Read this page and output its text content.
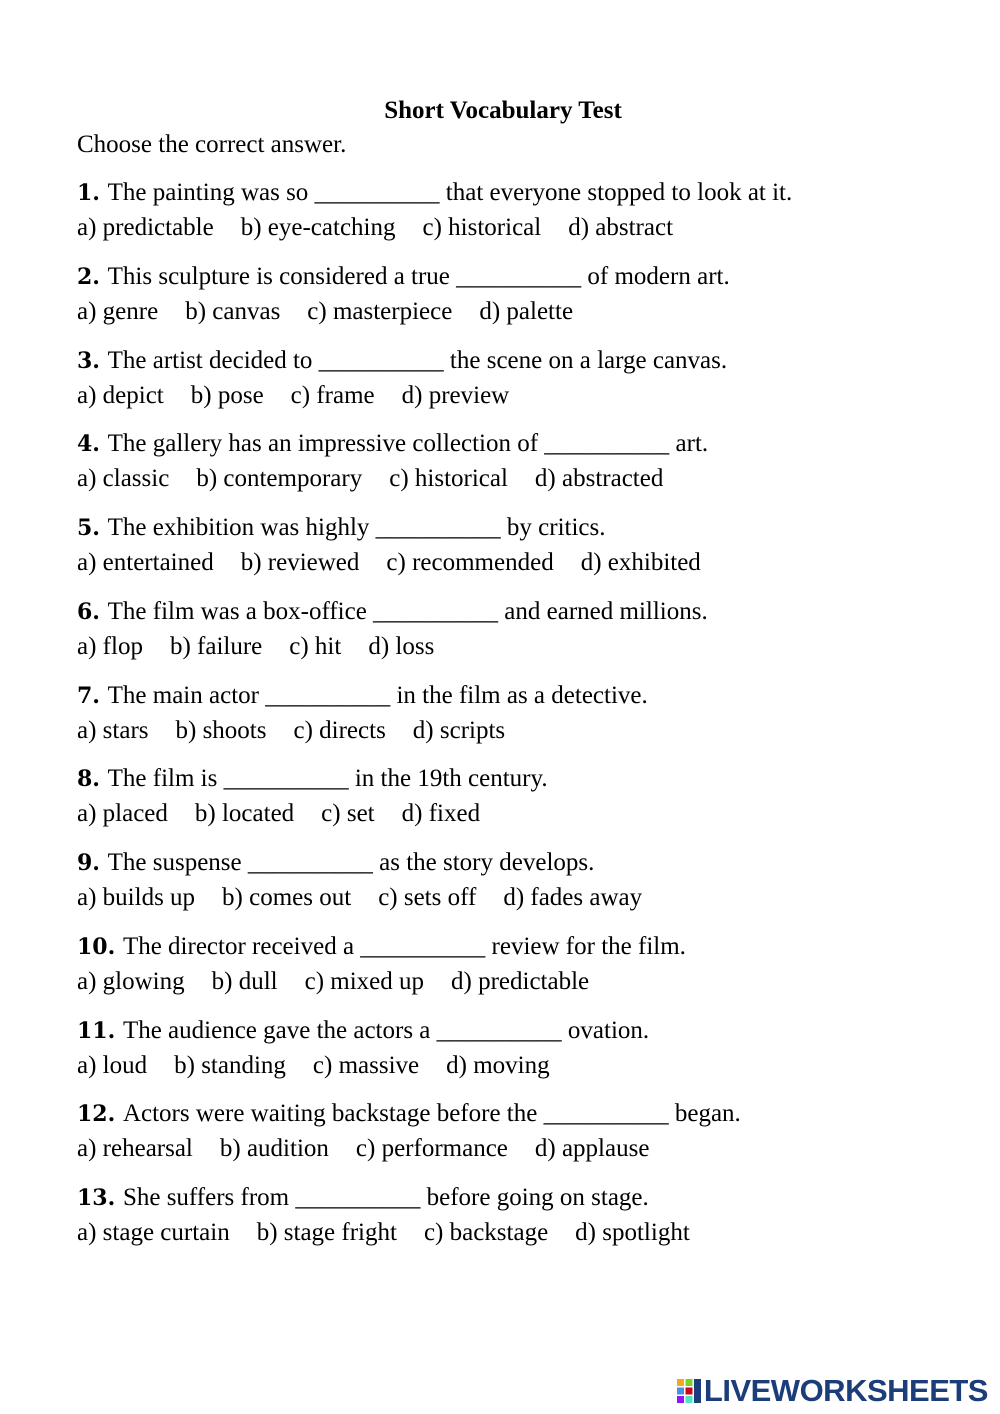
Short Vocabulary Test
Choose the correct answer.
1. The painting was so __________ that everyone stopped to look at it.
a) predictable b) eye-catching c) historical d) abstract
2. This sculpture is considered a true __________ of modern art.
a) genre b) canvas c) masterpiece d) palette
3. The artist decided to __________ the scene on a large canvas.
a) depict b) pose c) frame d) preview
4. The gallery has an impressive collection of __________ art.
a) classic b) contemporary c) historical d) abstracted
5. The exhibition was highly __________ by critics.
a) entertained b) reviewed c) recommended d) exhibited
6. The film was a box-office __________ and earned millions.
a) flop b) failure c) hit d) loss
7. The main actor __________ in the film as a detective.
a) stars b) shoots c) directs d) scripts
8. The film is __________ in the 19th century.
a) placed b) located c) set d) fixed
9. The suspense __________ as the story develops.
a) builds up b) comes out c) sets off d) fades away
10. The director received a __________ review for the film.
a) glowing b) dull c) mixed up d) predictable
11. The audience gave the actors a __________ ovation.
a) loud b) standing c) massive d) moving
12. Actors were waiting backstage before the __________ began.
a) rehearsal b) audition c) performance d) applause
13. She suffers from __________ before going on stage.
a) stage curtain b) stage fright c) backstage d) spotlight
LIVEWORKSHEETS
